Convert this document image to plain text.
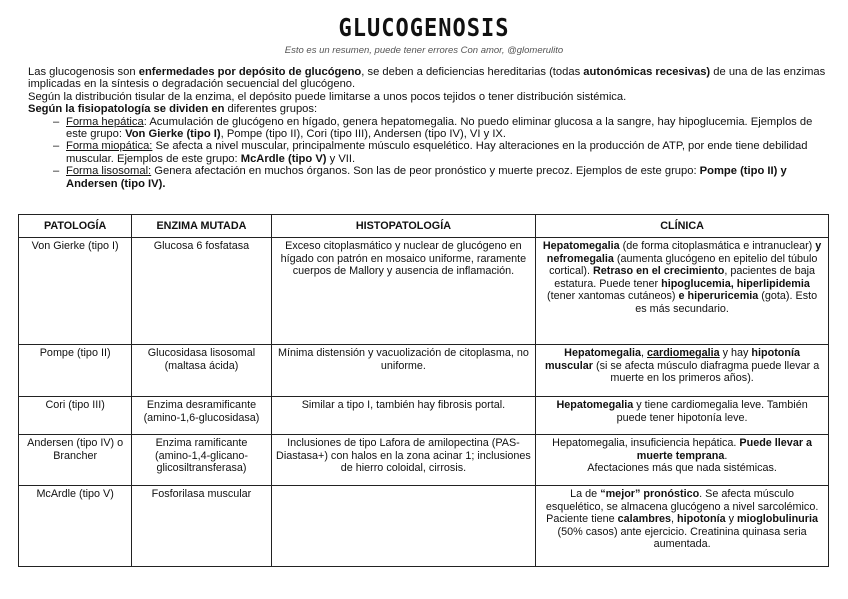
GLUCOGENOSIS
Esto es un resumen, puede tener errores Con amor, @glomerulito

Las glucogenosis son enfermedades por depósito de glucógeno, se deben a deficiencias hereditarias (todas autonómicas recesivas) de una de las enzimas implicadas en la síntesis o degradación secuencial del glucógeno.

Según la distribución tisular de la enzima, el depósito puede limitarse a unos pocos tejidos o tener distribución sistémica.

Según la fisiopatología se dividen en diferentes grupos:

– Forma hepática: Acumulación de glucógeno en hígado, genera hepatomegalia. No puedo eliminar glucosa a la sangre, hay hipoglucemia. Ejemplos de este grupo: Von Gierke (tipo I), Pompe (tipo II), Cori (tipo III), Andersen (tipo IV), VI y IX.
– Forma miopática: Se afecta a nivel muscular, principalmente músculo esquelético. Hay alteraciones en la producción de ATP, por ende tiene debilidad muscular. Ejemplos de este grupo: McArdle (tipo V) y VII.
– Forma lisosomal: Genera afectación en muchos órganos. Son las de peor pronóstico y muerte precoz. Ejemplos de este grupo: Pompe (tipo II) y Andersen (tipo IV).
PATOLOGÍA	ENZIMA MUTADA	HISTOPATOLOGÍA	CLÍNICA
Von Gierke (tipo I)	Glucosa 6 fosfatasa	Exceso citoplasmático y nuclear de glucógeno en hígado con patrón en mosaico uniforme, raramente cuerpos de Mallory y ausencia de inflamación.	Hepatomegalia (de forma citoplasmática e intranuclear) y nefromegalia (aumenta glucógeno en epitelio del túbulo cortical). Retraso en el crecimiento, pacientes de baja estatura. Puede tener hipoglucemia, hiperlipidemia (tener xantomas cutáneos) e hiperuricemia (gota). Esto es más secundario.
Pompe (tipo II)	Glucosidasa lisosomal (maltasa ácida)	Mínima distensión y vacuolización de citoplasma, no uniforme.	Hepatomegalia, cardiomegalia y hay hipotonía muscular (si se afecta músculo diafragma puede llevar a muerte en los primeros años).
Cori (tipo III)	Enzima desramificante (amino-1,6-glucosidasa)	Similar a tipo I, también hay fibrosis portal.	Hepatomegalia y tiene cardiomegalia leve. También puede tener hipotonía leve.
Andersen (tipo IV) o Brancher	Enzima ramificante (amino-1,4-glicano-glicosiltransferasa)	Inclusiones de tipo Lafora de amilopectina (PAS-Diastasa+) con halos en la zona acinar 1; inclusiones de hierro coloidal, cirrosis.	Hepatomegalia, insuficiencia hepática. Puede llevar a muerte temprana.
Afectaciones más que nada sistémicas.
McArdle (tipo V)	Fosforilasa muscular		La de “mejor” pronóstico. Se afecta músculo esquelético, se almacena glucógeno a nivel sarcolémico. Paciente tiene calambres, hipotonía y mioglobulinuria (50% casos) ante ejercicio. Creatinina quinasa seria aumentada.
